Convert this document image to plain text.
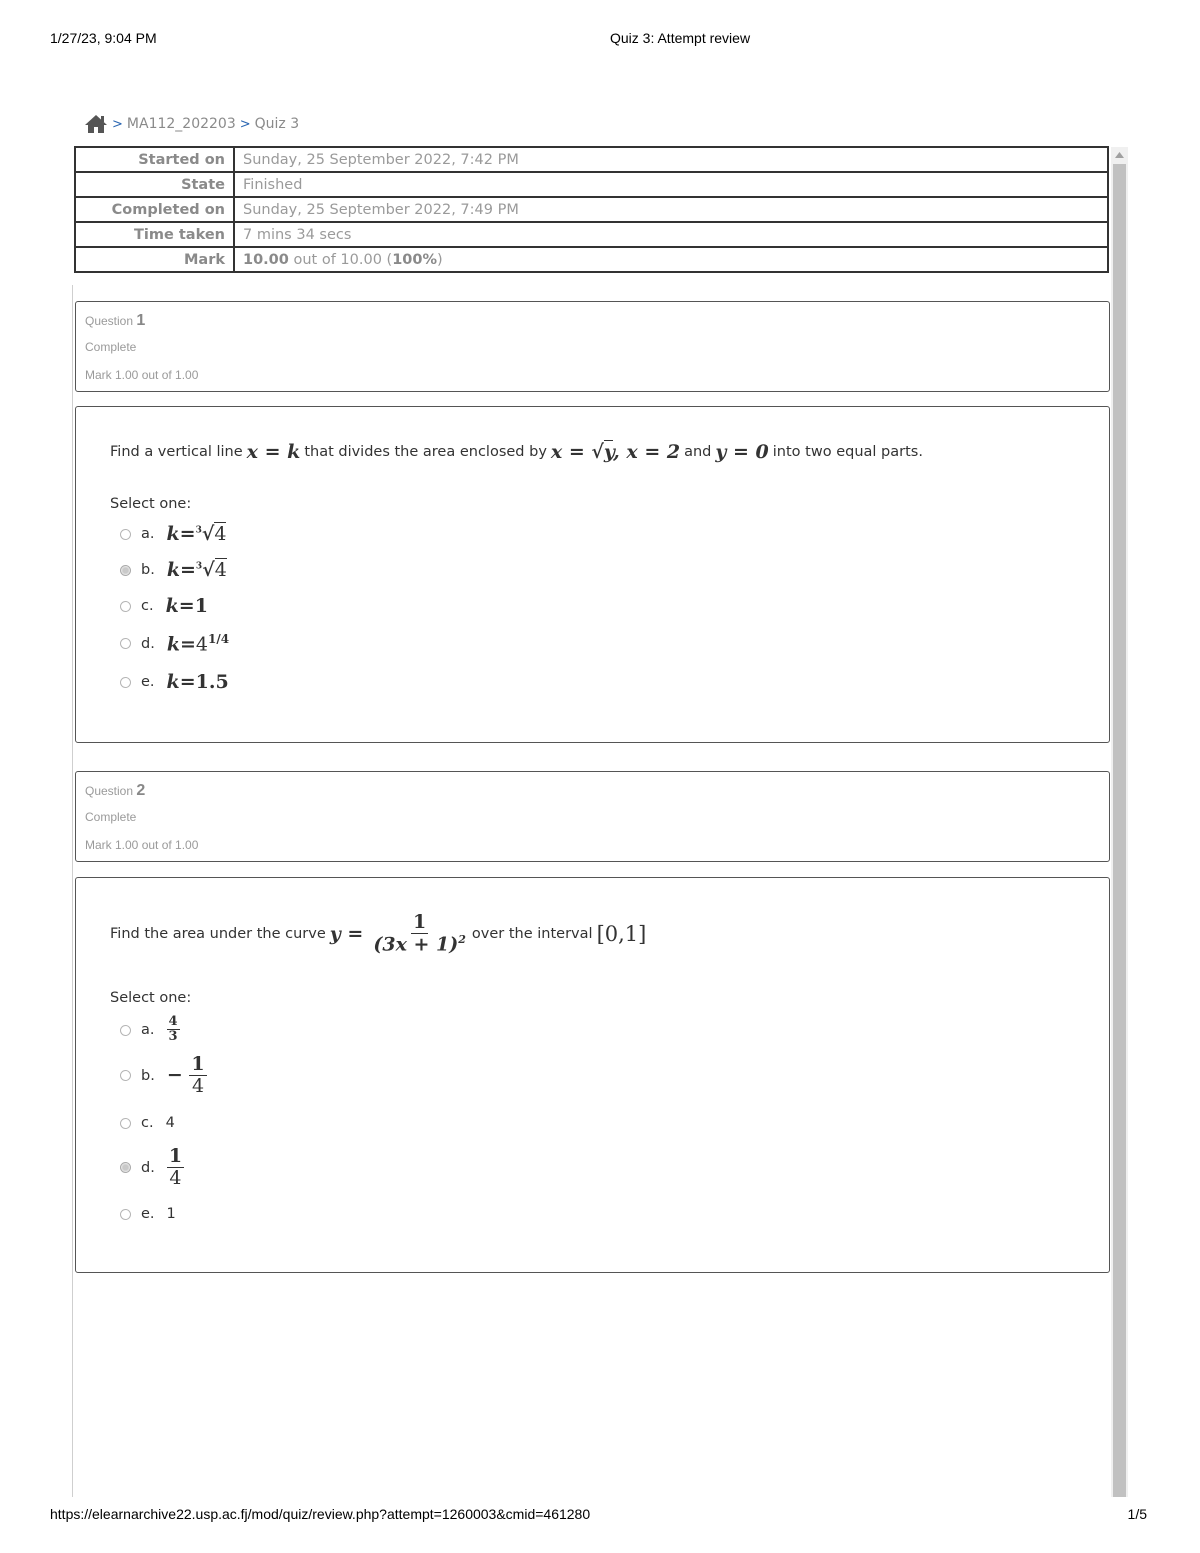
1/27/23, 9:04 PM	Quiz 3: Attempt review
> MA112_202203 > Quiz 3
Started on	Sunday, 25 September 2022, 7:42 PM
State	Finished
Completed on	Sunday, 25 September 2022, 7:49 PM
Time taken	7 mins 34 secs
Mark	10.00 out of 10.00 (100%)
Question 1
Complete
Mark 1.00 out of 1.00
Find a vertical line x = k that divides the area enclosed by x = √y, x = 2 and y = 0 into two equal parts.
Select one:
a. k=$^3$√4
b. k=$^3$√4
c. k=1
d. $k=4^{1/4}$
e. k=1.5
Question 2
Complete
Mark 1.00 out of 1.00
Find the area under the curve $y = \frac{1}{(3x + 1)^2}$ over the interval [0,1]
Select one:
a. $\frac{4}{3}$
b. − $\frac{1}{4}$
c. 4
d. $\frac{1}{4}$
e. 1
https://elearnarchive22.usp.ac.fj/mod/quiz/review.php?attempt=1260003&cmid=461280	1/5
